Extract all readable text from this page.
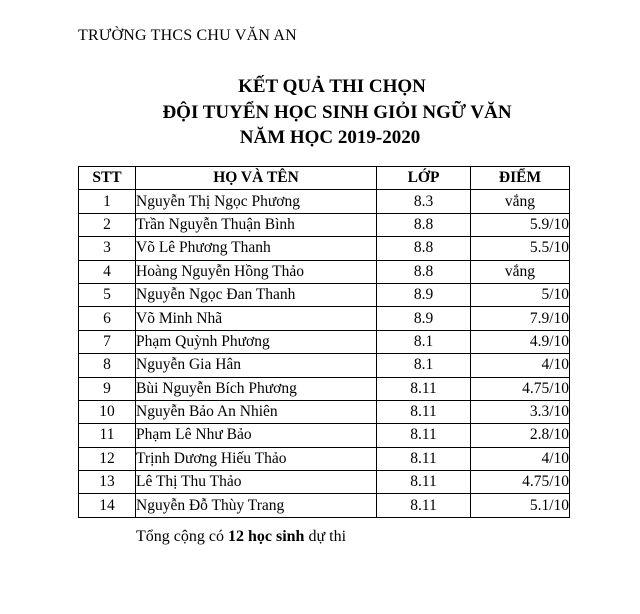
TRƯỜNG THCS CHU VĂN AN
KẾT QUẢ THI CHỌN
ĐỘI TUYỂN HỌC SINH GIỎI NGỮ VĂN
NĂM HỌC 2019-2020
STT	HỌ VÀ TÊN	LỚP	ĐIỂM
1	Nguyễn Thị Ngọc Phương	8.3	vắng
2	Trần Nguyễn Thuận Bình	8.8	5.9/10
3	Võ Lê Phương Thanh	8.8	5.5/10
4	Hoàng Nguyễn Hồng Thảo	8.8	vắng
5	Nguyễn Ngọc Đan Thanh	8.9	5/10
6	Võ Minh Nhã	8.9	7.9/10
7	Phạm Quỳnh Phương	8.1	4.9/10
8	Nguyễn Gia Hân	8.1	4/10
9	Bùi Nguyễn Bích Phương	8.11	4.75/10
10	Nguyễn Bảo An Nhiên	8.11	3.3/10
11	Phạm Lê Như Bảo	8.11	2.8/10
12	Trịnh Dương Hiếu Thảo	8.11	4/10
13	Lê Thị Thu Thảo	8.11	4.75/10
14	Nguyễn Đỗ Thùy Trang	8.11	5.1/10
Tổng cộng có 12 học sinh dự thi
